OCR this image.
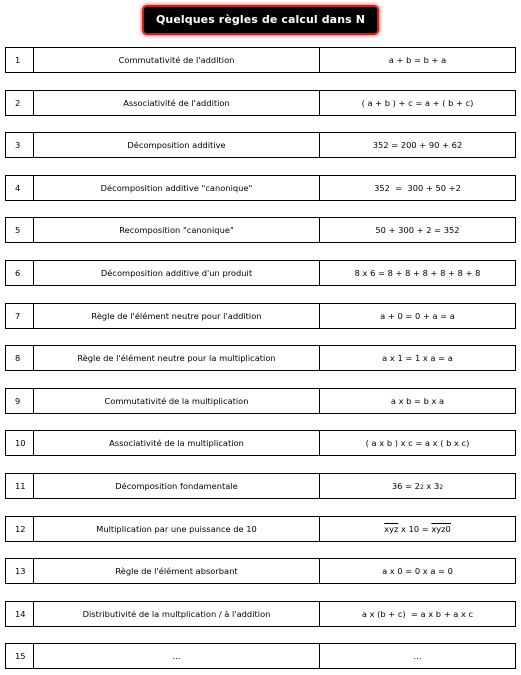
Quelques règles de calcul dans N
1	Commutativité de l'addition	a + b = b + a
2	Associativité de l'addition	( a + b ) + c = a + ( b + c)
3	Décomposition additive	352 = 200 + 90 + 62
4	Décomposition additive "canonique"	352  =  300 + 50 +2
5	Recomposition "canonique"	50 + 300 + 2 = 352
6	Décomposition additive d'un produit	8 x 6 = 8 + 8 + 8 + 8 + 8 + 8
7	Règle de l'élément neutre pour l'addition	a + 0 = 0 + a = a
8	Règle de l'élément neutre pour la multiplication	a x 1 = 1 x a = a
9	Commutativité de la multiplication	a x b = b x a
10	Associativité de la multiplication	( a x b ) x c = a x ( b x c)
11	Décomposition fondamentale	36 = 2 2 x 3 2
12	Multiplication par une puissance de 10	$\overline{xyz}$ x 10 = xyz0
13	Règle de l'élément absorbant	a x 0 = 0 x a = 0
14	Distributivité de la multplication / à l'addition	a x (b + c)  = a x b + a x c
15	...	...
